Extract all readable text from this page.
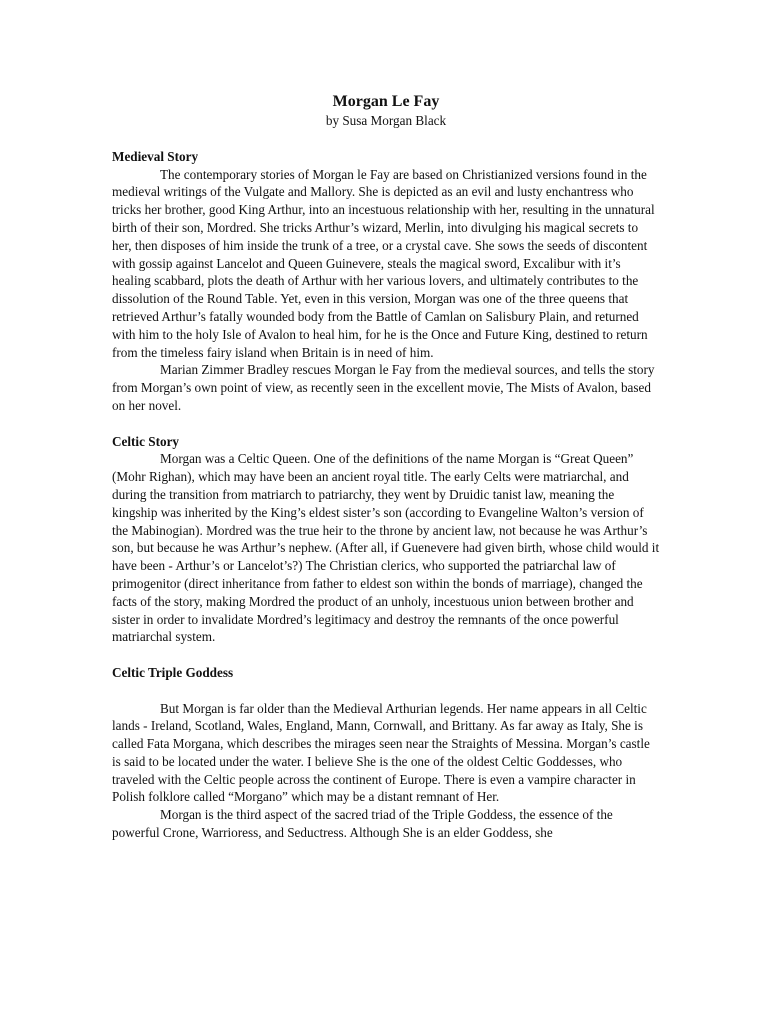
Morgan Le Fay

by Susa Morgan Black

Medieval Story

The contemporary stories of Morgan le Fay are based on Christianized versions found in the medieval writings of the Vulgate and Mallory. She is depicted as an evil and lusty enchantress who tricks her brother, good King Arthur, into an incestuous relationship with her, resulting in the unnatural birth of their son, Mordred. She tricks Arthur’s wizard, Merlin, into divulging his magical secrets to her, then disposes of him inside the trunk of a tree, or a crystal cave. She sows the seeds of discontent with gossip against Lancelot and Queen Guinevere, steals the magical sword, Excalibur with it’s healing scabbard, plots the death of Arthur with her various lovers, and ultimately contributes to the dissolution of the Round Table. Yet, even in this version, Morgan was one of the three queens that retrieved Arthur’s fatally wounded body from the Battle of Camlan on Salisbury Plain, and returned with him to the holy Isle of Avalon to heal him, for he is the Once and Future King, destined to return from the timeless fairy island when Britain is in need of him.

Marian Zimmer Bradley rescues Morgan le Fay from the medieval sources, and tells the story from Morgan’s own point of view, as recently seen in the excellent movie, The Mists of Avalon, based on her novel.

Celtic Story

Morgan was a Celtic Queen. One of the definitions of the name Morgan is “Great Queen” (Mohr Righan), which may have been an ancient royal title. The early Celts were matriarchal, and during the transition from matriarch to patriarchy, they went by Druidic tanist law, meaning the kingship was inherited by the King’s eldest sister’s son (according to Evangeline Walton’s version of the Mabinogian). Mordred was the true heir to the throne by ancient law, not because he was Arthur’s son, but because he was Arthur’s nephew. (After all, if Guenevere had given birth, whose child would it have been - Arthur’s or Lancelot’s?) The Christian clerics, who supported the patriarchal law of primogenitor (direct inheritance from father to eldest son within the bonds of marriage), changed the facts of the story, making Mordred the product of an unholy, incestuous union between brother and sister in order to invalidate Mordred’s legitimacy and destroy the remnants of the once powerful matriarchal system.

Celtic Triple Goddess

But Morgan is far older than the Medieval Arthurian legends. Her name appears in all Celtic lands - Ireland, Scotland, Wales, England, Mann, Cornwall, and Brittany. As far away as Italy, She is called Fata Morgana, which describes the mirages seen near the Straights of Messina. Morgan’s castle is said to be located under the water. I believe She is the one of the oldest Celtic Goddesses, who traveled with the Celtic people across the continent of Europe. There is even a vampire character in Polish folklore called “Morgano” which may be a distant remnant of Her.

Morgan is the third aspect of the sacred triad of the Triple Goddess, the essence of the powerful Crone, Warrioress, and Seductress. Although She is an elder Goddess, she
